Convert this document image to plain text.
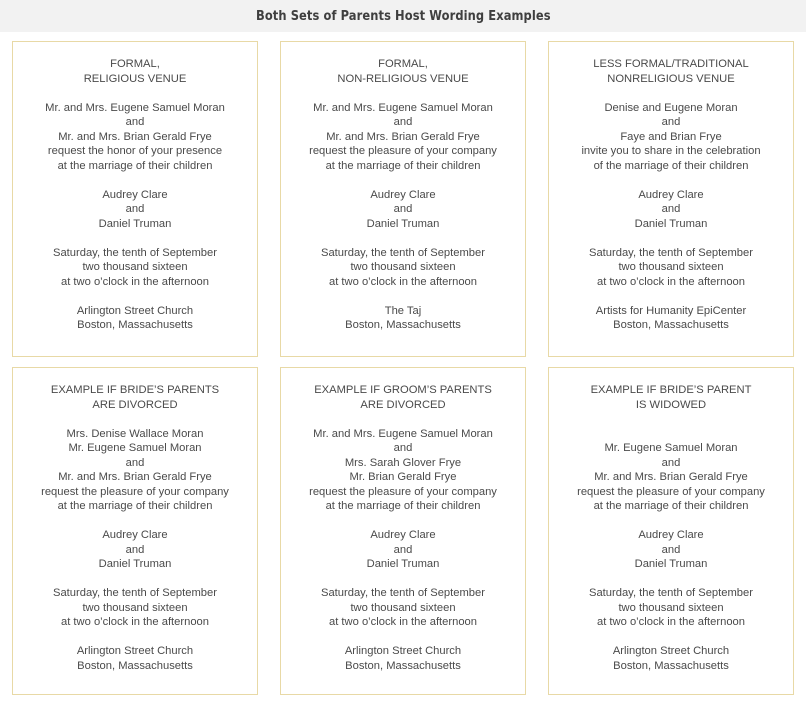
Both Sets of Parents Host Wording Examples
FORMAL,
RELIGIOUS VENUE
Mr. and Mrs. Eugene Samuel Moran
and
Mr. and Mrs. Brian Gerald Frye
request the honor of your presence
at the marriage of their children
Audrey Clare
and
Daniel Truman
Saturday, the tenth of September
two thousand sixteen
at two o’clock in the afternoon
Arlington Street Church
Boston, Massachusetts
FORMAL,
NON-RELIGIOUS VENUE
Mr. and Mrs. Eugene Samuel Moran
and
Mr. and Mrs. Brian Gerald Frye
request the pleasure of your company
at the marriage of their children
Audrey Clare
and
Daniel Truman
Saturday, the tenth of September
two thousand sixteen
at two o’clock in the afternoon
The Taj
Boston, Massachusetts
LESS FORMAL/TRADITIONAL
NONRELIGIOUS VENUE
Denise and Eugene Moran
and
Faye and Brian Frye
invite you to share in the celebration
of the marriage of their children
Audrey Clare
and
Daniel Truman
Saturday, the tenth of September
two thousand sixteen
at two o’clock in the afternoon
Artists for Humanity EpiCenter
Boston, Massachusetts
EXAMPLE IF BRIDE’S PARENTS
ARE DIVORCED
Mrs. Denise Wallace Moran
Mr. Eugene Samuel Moran
and
Mr. and Mrs. Brian Gerald Frye
request the pleasure of your company
at the marriage of their children
Audrey Clare
and
Daniel Truman
Saturday, the tenth of September
two thousand sixteen
at two o’clock in the afternoon
Arlington Street Church
Boston, Massachusetts
EXAMPLE IF GROOM’S PARENTS
ARE DIVORCED
Mr. and Mrs. Eugene Samuel Moran
and
Mrs. Sarah Glover Frye
Mr. Brian Gerald Frye
request the pleasure of your company
at the marriage of their children
Audrey Clare
and
Daniel Truman
Saturday, the tenth of September
two thousand sixteen
at two o’clock in the afternoon
Arlington Street Church
Boston, Massachusetts
EXAMPLE IF BRIDE’S PARENT
IS WIDOWED

Mr. Eugene Samuel Moran
and
Mr. and Mrs. Brian Gerald Frye
request the pleasure of your company
at the marriage of their children
Audrey Clare
and
Daniel Truman
Saturday, the tenth of September
two thousand sixteen
at two o’clock in the afternoon
Arlington Street Church
Boston, Massachusetts
